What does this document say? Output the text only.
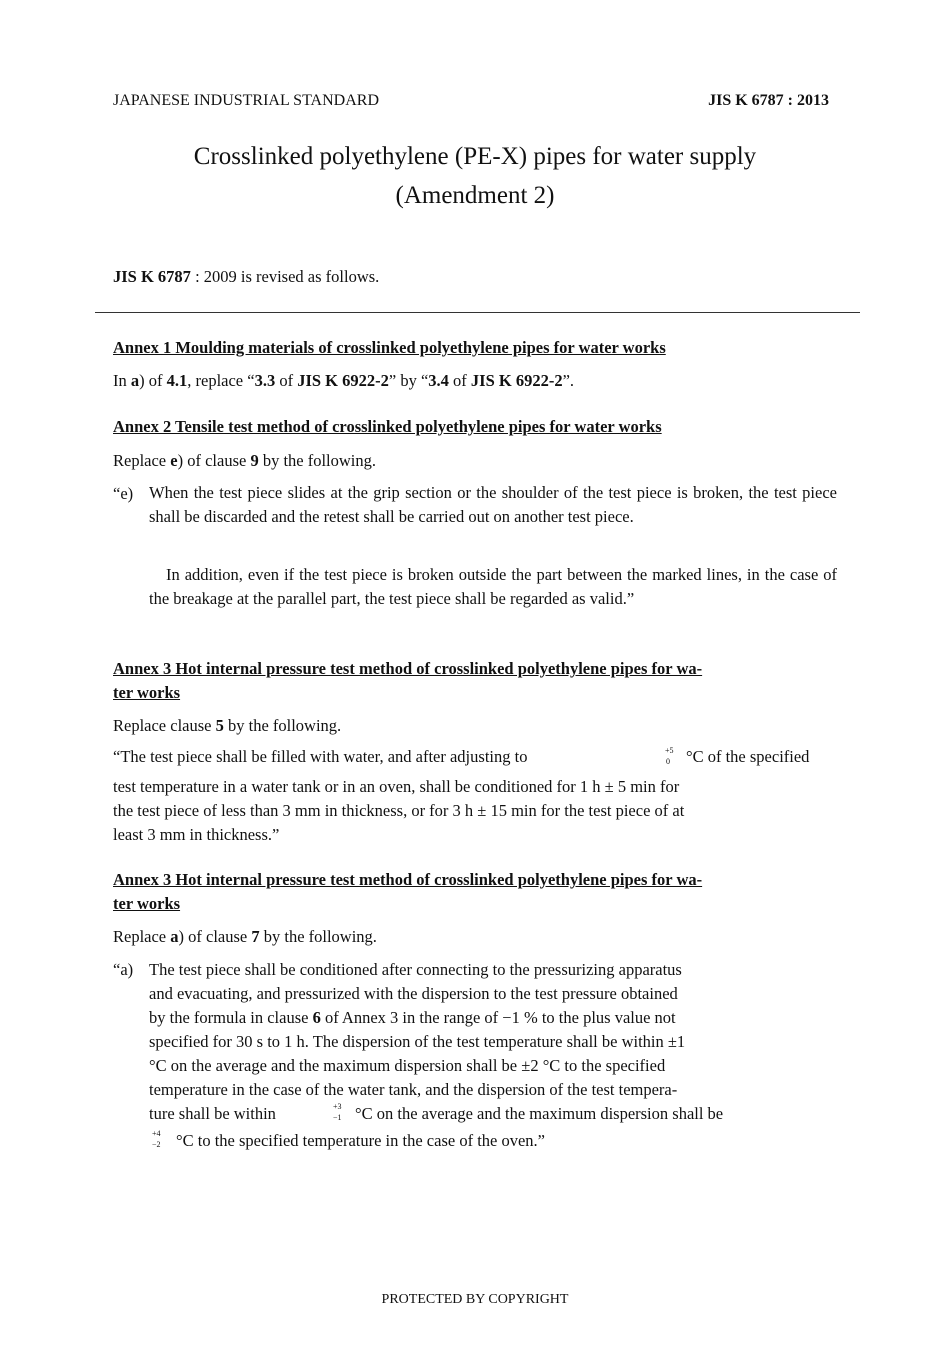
JAPANESE INDUSTRIAL STANDARD	JIS K 6787 : 2013
Crosslinked polyethylene (PE-X) pipes for water supply
(Amendment 2)
JIS K 6787 : 2009 is revised as follows.
Annex 1 Moulding materials of crosslinked polyethylene pipes for water works
In a) of 4.1, replace “3.3 of JIS K 6922-2” by “3.4 of JIS K 6922-2”.
Annex 2 Tensile test method of crosslinked polyethylene pipes for water works
Replace e) of clause 9 by the following.
“e) When the test piece slides at the grip section or the shoulder of the test piece is broken, the test piece shall be discarded and the retest shall be carried out on another test piece.
In addition, even if the test piece is broken outside the part between the marked lines, in the case of the breakage at the parallel part, the test piece shall be regarded as valid.”
Annex 3 Hot internal pressure test method of crosslinked polyethylene pipes for wa-
ter works
Replace clause 5 by the following.
“The test piece shall be filled with water, and after adjusting to	+5
0 °C of the specified
test temperature in a water tank or in an oven, shall be conditioned for 1 h ± 5 min for
the test piece of less than 3 mm in thickness, or for 3 h ± 15 min for the test piece of at
least 3 mm in thickness.”
Annex 3 Hot internal pressure test method of crosslinked polyethylene pipes for wa-
ter works
Replace a) of clause 7 by the following.
“a) The test piece shall be conditioned after connecting to the pressurizing apparatus
and evacuating, and pressurized with the dispersion to the test pressure obtained
by the formula in clause 6 of Annex 3 in the range of −1 % to the plus value not
specified for 30 s to 1 h. The dispersion of the test temperature shall be within ±1
°C on the average and the maximum dispersion shall be ±2 °C to the specified
temperature in the case of the water tank, and the dispersion of the test tempera-
ture shall be within	+3
−1 °C on the average and the maximum dispersion shall be
+4
−2 °C to the specified temperature in the case of the oven.”
PROTECTED BY COPYRIGHT
